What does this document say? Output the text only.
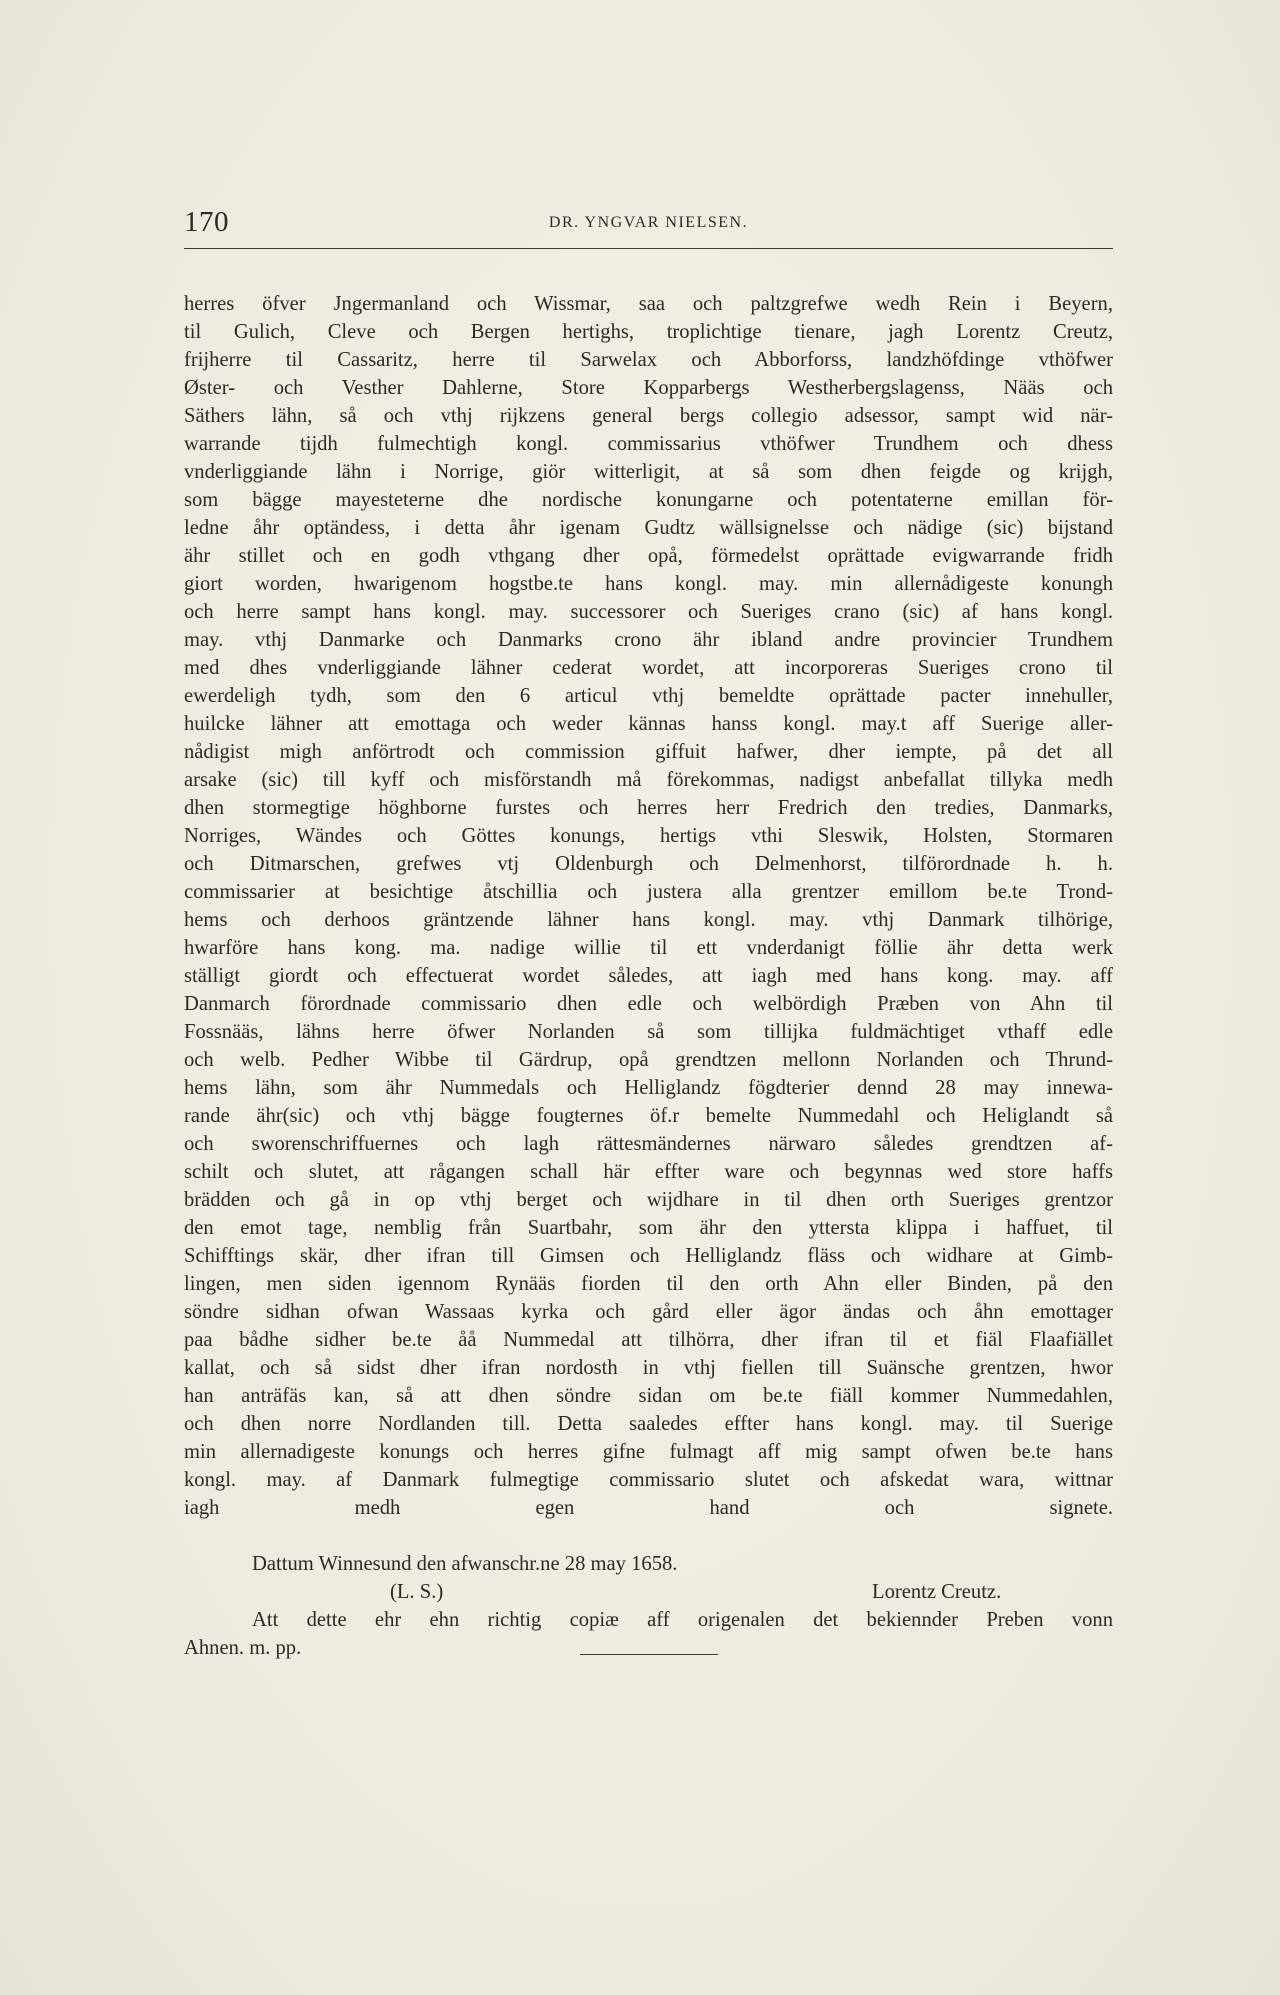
170	DR. YNGVAR NIELSEN.
herres öfver Jngermanland och Wissmar, saa och paltzgrefwe wedh Rein i Beyern,
til Gulich, Cleve och Bergen hertighs, troplichtige tienare, jagh Lorentz Creutz,
frijherre til Cassaritz, herre til Sarwelax och Abborforss, landzhöfdinge vthöfwer
Øster- och Vesther Dahlerne, Store Kopparbergs Westherbergslagenss, Nääs och
Säthers lähn, så och vthj rijkzens general bergs collegio adsessor, sampt wid när-
warrande tijdh fulmechtigh kongl. commissarius vthöfwer Trundhem och dhess
vnderliggiande lähn i Norrige, giör witterligit, at så som dhen feigde og krijgh,
som bägge mayesteterne dhe nordische konungarne och potentaterne emillan för-
ledne åhr optändess, i detta åhr igenam Gudtz wällsignelsse och nädige (sic) bijstand
ähr stillet och en godh vthgang dher opå, förmedelst oprättade evigwarrande fridh
giort worden, hwarigenom hogstbe.te hans kongl. may. min allernådigeste konungh
och herre sampt hans kongl. may. successorer och Sueriges crano (sic) af hans kongl.
may. vthj Danmarke och Danmarks crono ähr ibland andre provincier Trundhem
med dhes vnderliggiande lähner cederat wordet, att incorporeras Sueriges crono til
ewerdeligh tydh, som den 6 articul vthj bemeldte oprättade pacter innehuller,
huilcke lähner att emottaga och weder kännas hanss kongl. may.t aff Suerige aller-
nådigist migh anförtrodt och commission giffuit hafwer, dher iempte, på det all
arsake (sic) till kyff och misförstandh må förekommas, nadigst anbefallat tillyka medh
dhen stormegtige höghborne furstes och herres herr Fredrich den tredies, Danmarks,
Norriges, Wändes och Göttes konungs, hertigs vthi Sleswik, Holsten, Stormaren
och Ditmarschen, grefwes vtj Oldenburgh och Delmenhorst, tilförordnade h. h.
commissarier at besichtige åtschillia och justera alla grentzer emillom be.te Trond-
hems och derhoos gräntzende lähner hans kongl. may. vthj Danmark tilhörige,
hwarföre hans kong. ma. nadige willie til ett vnderdanigt föllie ähr detta werk
ställigt giordt och effectuerat wordet således, att iagh med hans kong. may. aff
Danmarch förordnade commissario dhen edle och welbördigh Præben von Ahn til
Fossnääs, lähns herre öfwer Norlanden så som tillijka fuldmächtiget vthaff edle
och welb. Pedher Wibbe til Gärdrup, opå grendtzen mellonn Norlanden och Thrund-
hems lähn, som ähr Nummedals och Helliglandz fögdterier dennd 28 may innewa-
rande ähr(sic) och vthj bägge fougternes öf.r bemelte Nummedahl och Heliglandt så
och sworenschriffuernes och lagh rättesmändernes närwaro således grendtzen af-
schilt och slutet, att rågangen schall här effter ware och begynnas wed store haffs
brädden och gå in op vthj berget och wijdhare in til dhen orth Sueriges grentzor
den emot tage, nemblig från Suartbahr, som ähr den yttersta klippa i haffuet, til
Schifftings skär, dher ifran till Gimsen och Helliglandz fläss och widhare at Gimb-
lingen, men siden igennom Rynääs fiorden til den orth Ahn eller Binden, på den
söndre sidhan ofwan Wassaas kyrka och gård eller ägor ändas och åhn emottager
paa bådhe sidher be.te åå Nummedal att tilhörra, dher ifran til et fiäl Flaafiället
kallat, och så sidst dher ifran nordosth in vthj fiellen till Suänsche grentzen, hwor
han anträfäs kan, så att dhen söndre sidan om be.te fiäll kommer Nummedahlen,
och dhen norre Nordlanden till. Detta saaledes effter hans kongl. may. til Suerige
min allernadigeste konungs och herres gifne fulmagt aff mig sampt ofwen be.te hans
kongl. may. af Danmark fulmegtige commissario slutet och afskedat wara, wittnar
iagh medh egen hand och signete.
Dattum Winnesund den afwanschr.ne 28 may 1658.
(L. S.)	Lorentz Creutz.
Att dette ehr ehn richtig copiæ aff origenalen det bekiennder Preben vonn
Ahnen. m. pp.
